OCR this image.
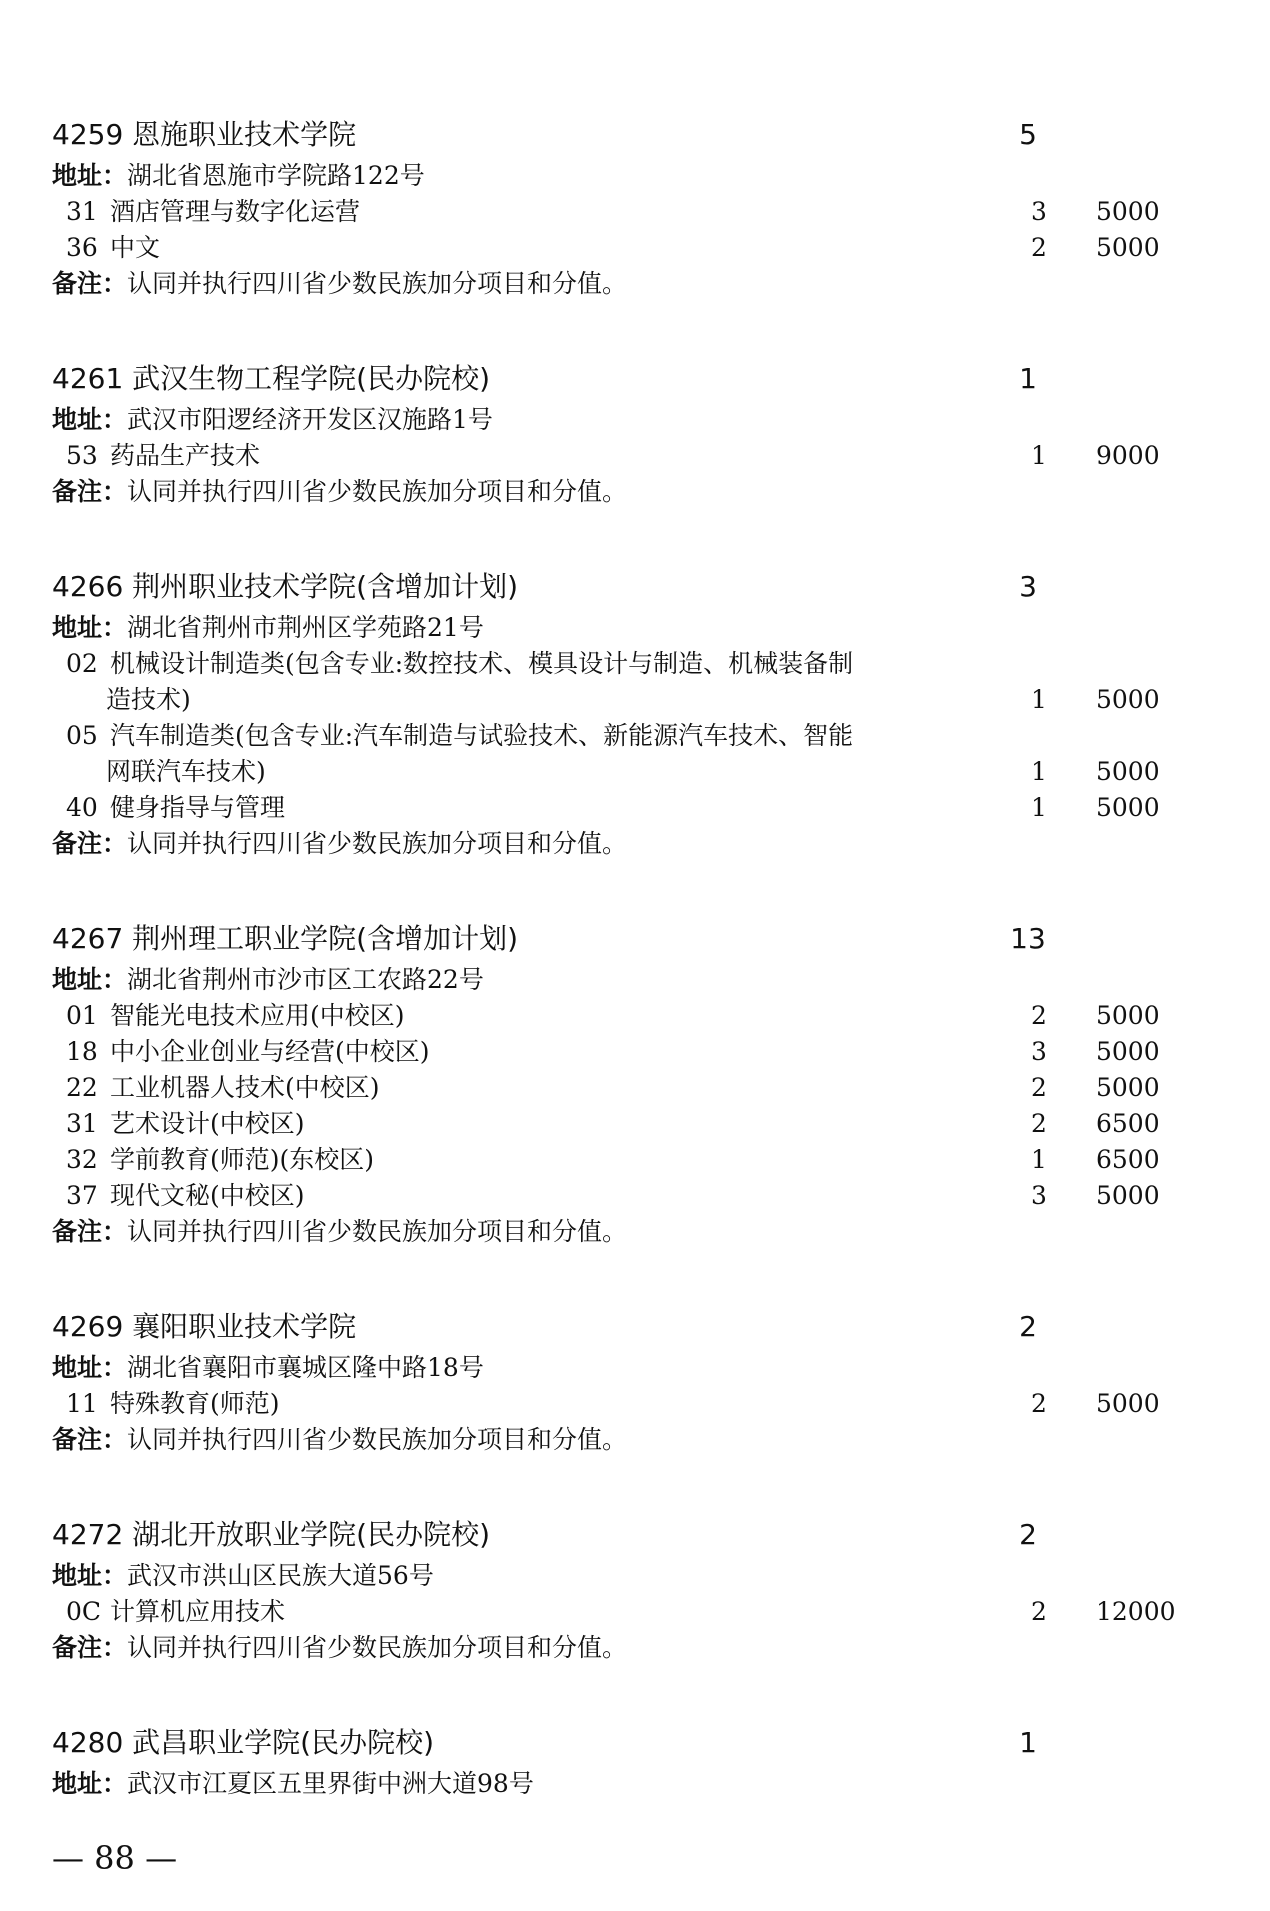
4259 恩施职业技术学院	5
地址：湖北省恩施市学院路122号
31 酒店管理与数字化运营	3	5000
36 中文	2	5000
备注：认同并执行四川省少数民族加分项目和分值。
4261 武汉生物工程学院(民办院校)	1
地址：武汉市阳逻经济开发区汉施路1号
53 药品生产技术	1	9000
备注：认同并执行四川省少数民族加分项目和分值。
4266 荆州职业技术学院(含增加计划)	3
地址：湖北省荆州市荆州区学苑路21号
02 机械设计制造类(包含专业:数控技术、模具设计与制造、机械装备制
造技术)	1	5000
05 汽车制造类(包含专业:汽车制造与试验技术、新能源汽车技术、智能
网联汽车技术)	1	5000
40 健身指导与管理	1	5000
备注：认同并执行四川省少数民族加分项目和分值。
4267 荆州理工职业学院(含增加计划)	13
地址：湖北省荆州市沙市区工农路22号
01 智能光电技术应用(中校区)	2	5000
18 中小企业创业与经营(中校区)	3	5000
22 工业机器人技术(中校区)	2	5000
31 艺术设计(中校区)	2	6500
32 学前教育(师范)(东校区)	1	6500
37 现代文秘(中校区)	3	5000
备注：认同并执行四川省少数民族加分项目和分值。
4269 襄阳职业技术学院	2
地址：湖北省襄阳市襄城区隆中路18号
11 特殊教育(师范)	2	5000
备注：认同并执行四川省少数民族加分项目和分值。
4272 湖北开放职业学院(民办院校)	2
地址：武汉市洪山区民族大道56号
0C 计算机应用技术	2	12000
备注：认同并执行四川省少数民族加分项目和分值。
4280 武昌职业学院(民办院校)	1
地址：武汉市江夏区五里界街中洲大道98号
— 88 —
